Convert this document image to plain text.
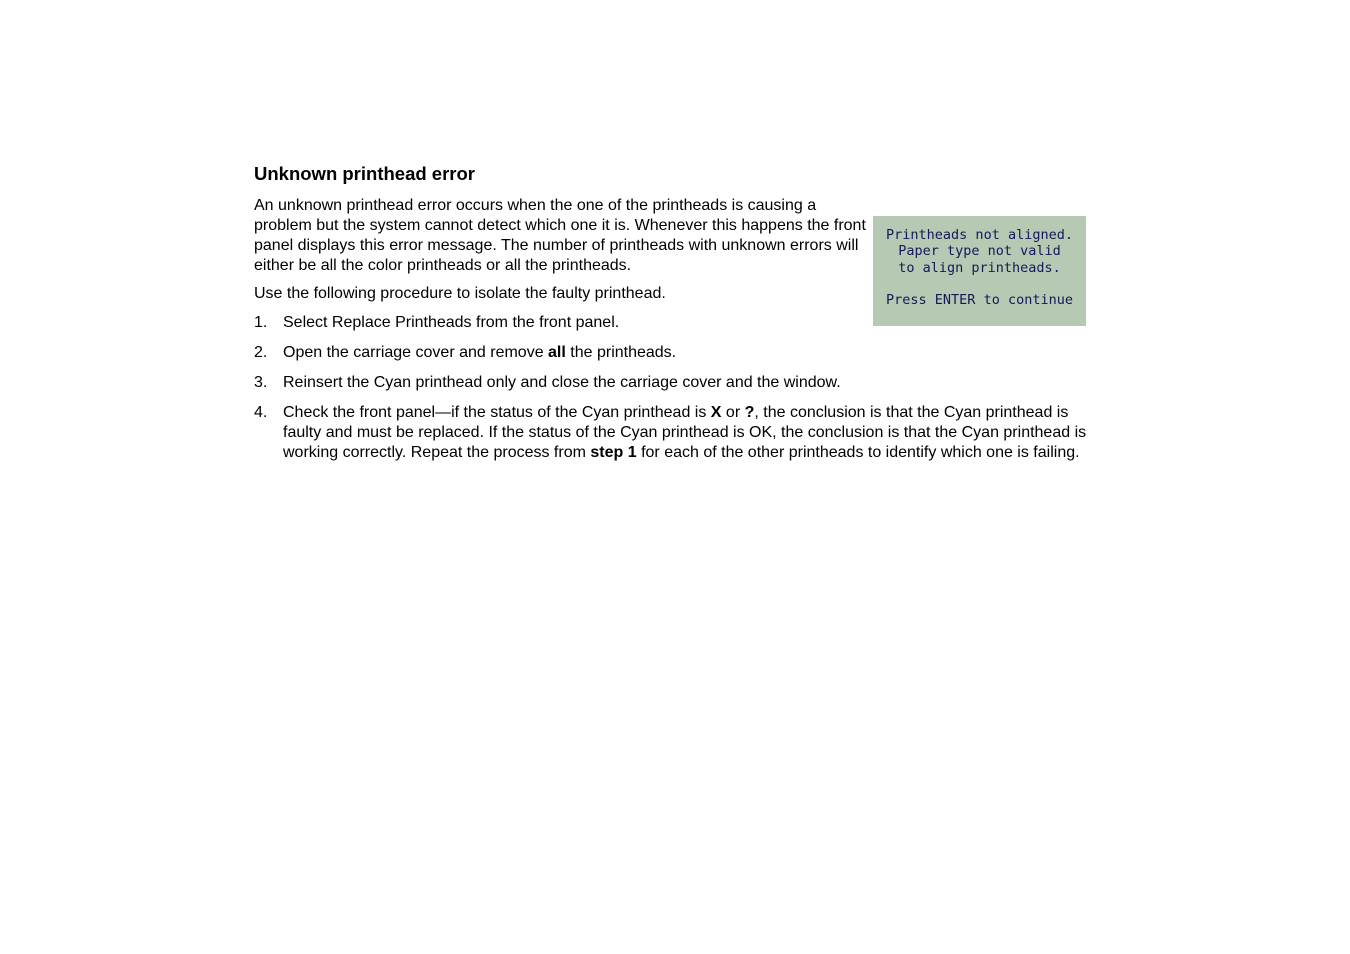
Unknown printhead error

An unknown printhead error occurs when the one of the printheads is causing a problem but the system cannot detect which one it is. Whenever this happens the front panel displays this error message. The number of printheads with unknown errors will either be all the color printheads or all the printheads.

Printheads not aligned.
Paper type not valid
to align printheads.
Press ENTER to continue

Use the following procedure to isolate the faulty printhead.

1. Select Replace Printheads from the front panel.
2. Open the carriage cover and remove all the printheads.
3. Reinsert the Cyan printhead only and close the carriage cover and the window.
4. Check the front panel—if the status of the Cyan printhead is X or ?, the conclusion is that the Cyan printhead is faulty and must be replaced. If the status of the Cyan printhead is OK, the conclusion is that the Cyan printhead is working correctly. Repeat the process from step 1 for each of the other printheads to identify which one is failing.
